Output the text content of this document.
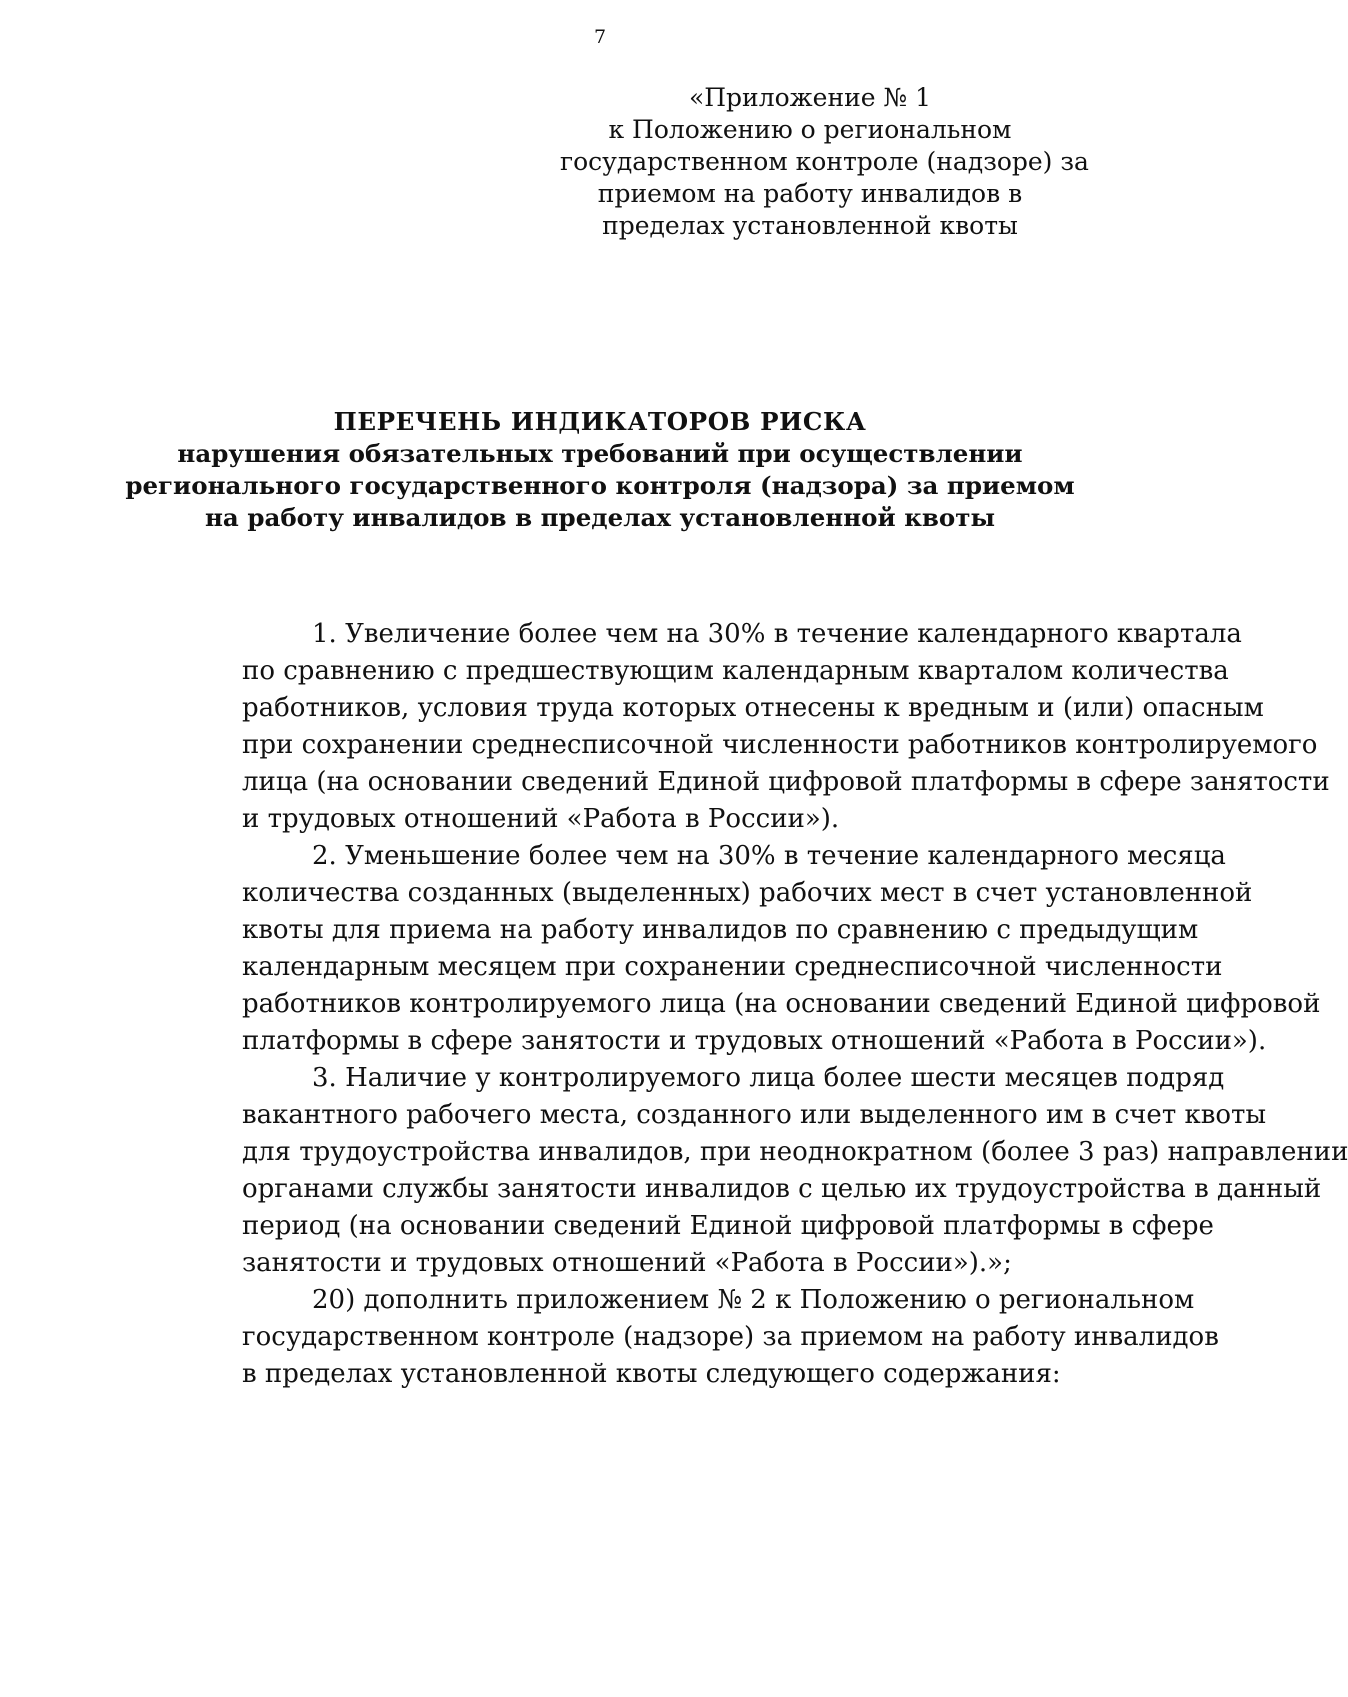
7
«Приложение № 1
к Положению о региональном
государственном контроле (надзоре) за
приемом на работу инвалидов в
пределах установленной квоты
ПЕРЕЧЕНЬ ИНДИКАТОРОВ РИСКА
нарушения обязательных требований при осуществлении
регионального государственного контроля (надзора) за приемом
на работу инвалидов в пределах установленной квоты
1. Увеличение более чем на 30% в течение календарного квартала
по сравнению с предшествующим календарным кварталом количества
работников, условия труда которых отнесены к вредным и (или) опасным
при сохранении среднесписочной численности работников контролируемого
лица (на основании сведений Единой цифровой платформы в сфере занятости
и трудовых отношений «Работа в России»).
2. Уменьшение более чем на 30% в течение календарного месяца
количества созданных (выделенных) рабочих мест в счет установленной
квоты для приема на работу инвалидов по сравнению с предыдущим
календарным месяцем при сохранении среднесписочной численности
работников контролируемого лица (на основании сведений Единой цифровой
платформы в сфере занятости и трудовых отношений «Работа в России»).
3. Наличие у контролируемого лица более шести месяцев подряд
вакантного рабочего места, созданного или выделенного им в счет квоты
для трудоустройства инвалидов, при неоднократном (более 3 раз) направлении
органами службы занятости инвалидов с целью их трудоустройства в данный
период (на основании сведений Единой цифровой платформы в сфере
занятости и трудовых отношений «Работа в России»).»;
20) дополнить приложением № 2 к Положению о региональном
государственном контроле (надзоре) за приемом на работу инвалидов
в пределах установленной квоты следующего содержания:
